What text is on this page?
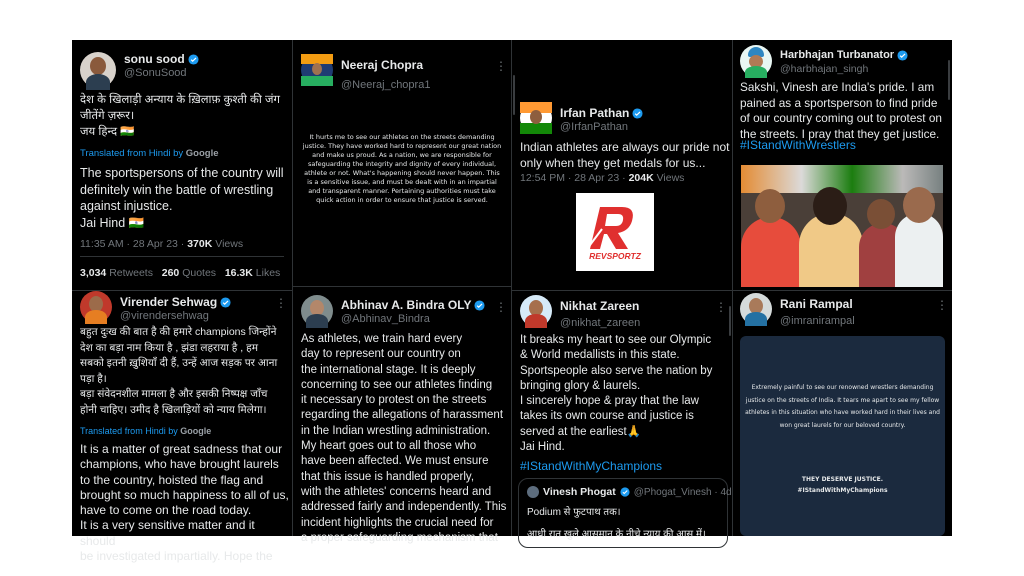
sonu sood
@SonuSood
देश के खिलाड़ी अन्याय के ख़िलाफ़ कुश्ती की जंग
जीतेंगे ज़रूर।
जय हिन्द 🇮🇳
Translated from Hindi by Google
The sportspersons of the country will
definitely win the battle of wrestling
against injustice.
Jai Hind 🇮🇳
11:35 AM · 28 Apr 23 · 370K Views
3,034 Retweets 260 Quotes 16.3K Likes
Virender Sehwag
@virendersehwag
⋮
बहुत दुःख की बात है की हमारे champions जिन्होंने
देश का बड़ा नाम किया है , झंडा लहराया है , हम
सबको इतनी ख़ुशियाँ दी हैं, उन्हें आज सड़क पर आना
पड़ा है।
बड़ा संवेदनशील मामला है और इसकी निष्पक्ष जाँच
होनी चाहिए। उमीद है खिलाड़ियों को न्याय मिलेगा।
Translated from Hindi by Google
It is a matter of great sadness that our
champions, who have brought laurels
to the country, hoisted the flag and
brought so much happiness to all of us,
have to come on the road today.
It is a very sensitive matter and it should
be investigated impartially. Hope the
Neeraj Chopra
@Neeraj_chopra1
⋮
It hurts me to see our athletes on the streets demanding justice. They have worked hard to represent our great nation and make us proud. As a nation, we are responsible for safeguarding the integrity and dignity of every individual, athlete or not. What's happening should never happen. This is a sensitive issue, and must be dealt with in an impartial and transparent manner. Pertaining authorities must take quick action in order to ensure that justice is served.
Abhinav A. Bindra OLY
@Abhinav_Bindra
⋮
As athletes, we train hard every
day to represent our country on
the international stage. It is deeply
concerning to see our athletes finding
it necessary to protest on the streets
regarding the allegations of harassment
in the Indian wrestling administration.
My heart goes out to all those who
have been affected. We must ensure
that this issue is handled properly,
with the athletes' concerns heard and
addressed fairly and independently. This
incident highlights the crucial need for
a proper safeguarding mechanism that
Irfan Pathan
@IrfanPathan
Indian athletes are always our pride not
only when they get medals for us...
12:54 PM · 28 Apr 23 · 204K Views
REVSPORTZ
Nikhat Zareen
@nikhat_zareen
⋮
It breaks my heart to see our Olympic
& World medallists in this state.
Sportspeople also serve the nation by
bringing glory & laurels.
I sincerely hope & pray that the law
takes its own course and justice is
served at the earliest🙏
Jai Hind.
#IStandWithMyChampions
Vinesh Phogat @Phogat_Vinesh · 4d
Podium से फुटपाथ तक।
आधी रात खुले आसमान के नीचे न्याय की आस में।
Harbhajan Turbanator
@harbhajan_singh
Sakshi, Vinesh are India's pride. I am
pained as a sportsperson to find pride
of our country coming out to protest on
the streets. I pray that they get justice.
#IStandWithWrestlers
Rani Rampal
@imranirampal
⋮
Extremely painful to see our renowned wrestlers demanding justice on the streets of India. It tears me apart to see my fellow athletes in this situation who have worked hard in their lives and won great laurels for our beloved country.
THEY DESERVE JUSTICE.
#IStandWithMyChampions
